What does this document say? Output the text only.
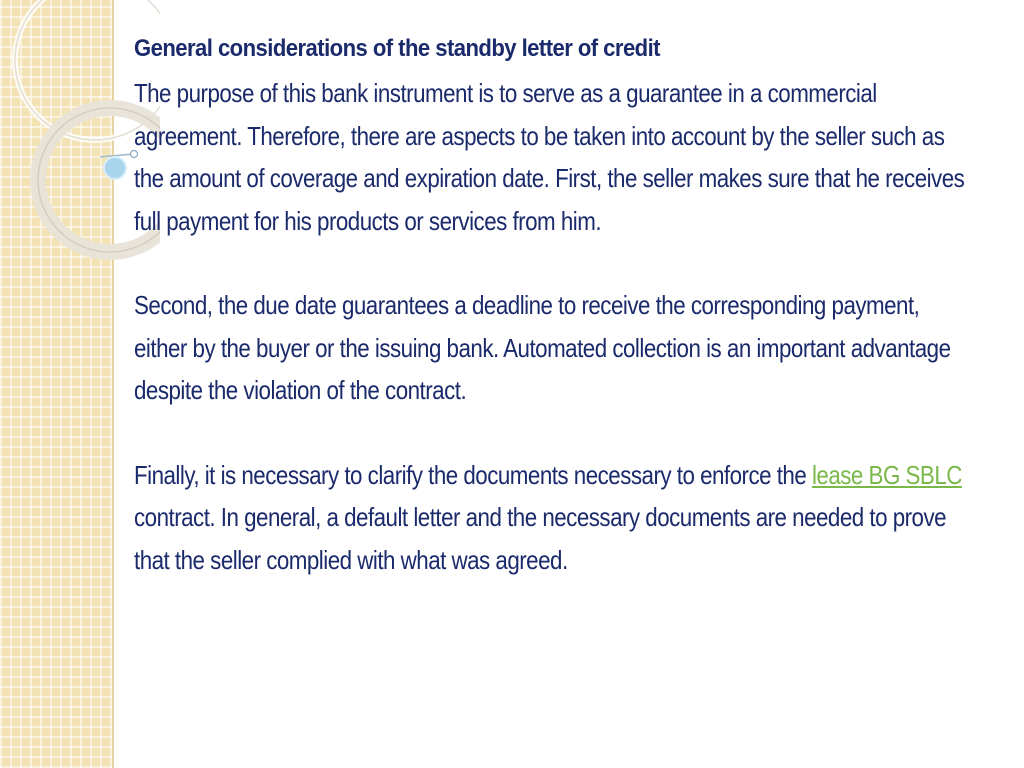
General considerations of the standby letter of credit

The purpose of this bank instrument is to serve as a guarantee in a commercial agreement. Therefore, there are aspects to be taken into account by the seller such as the amount of coverage and expiration date. First, the seller makes sure that he receives full payment for his products or services from him.

Second, the due date guarantees a deadline to receive the corresponding payment, either by the buyer or the issuing bank. Automated collection is an important advantage despite the violation of the contract.

Finally, it is necessary to clarify the documents necessary to enforce the lease BG SBLC contract. In general, a default letter and the necessary documents are needed to prove that the seller complied with what was agreed.
